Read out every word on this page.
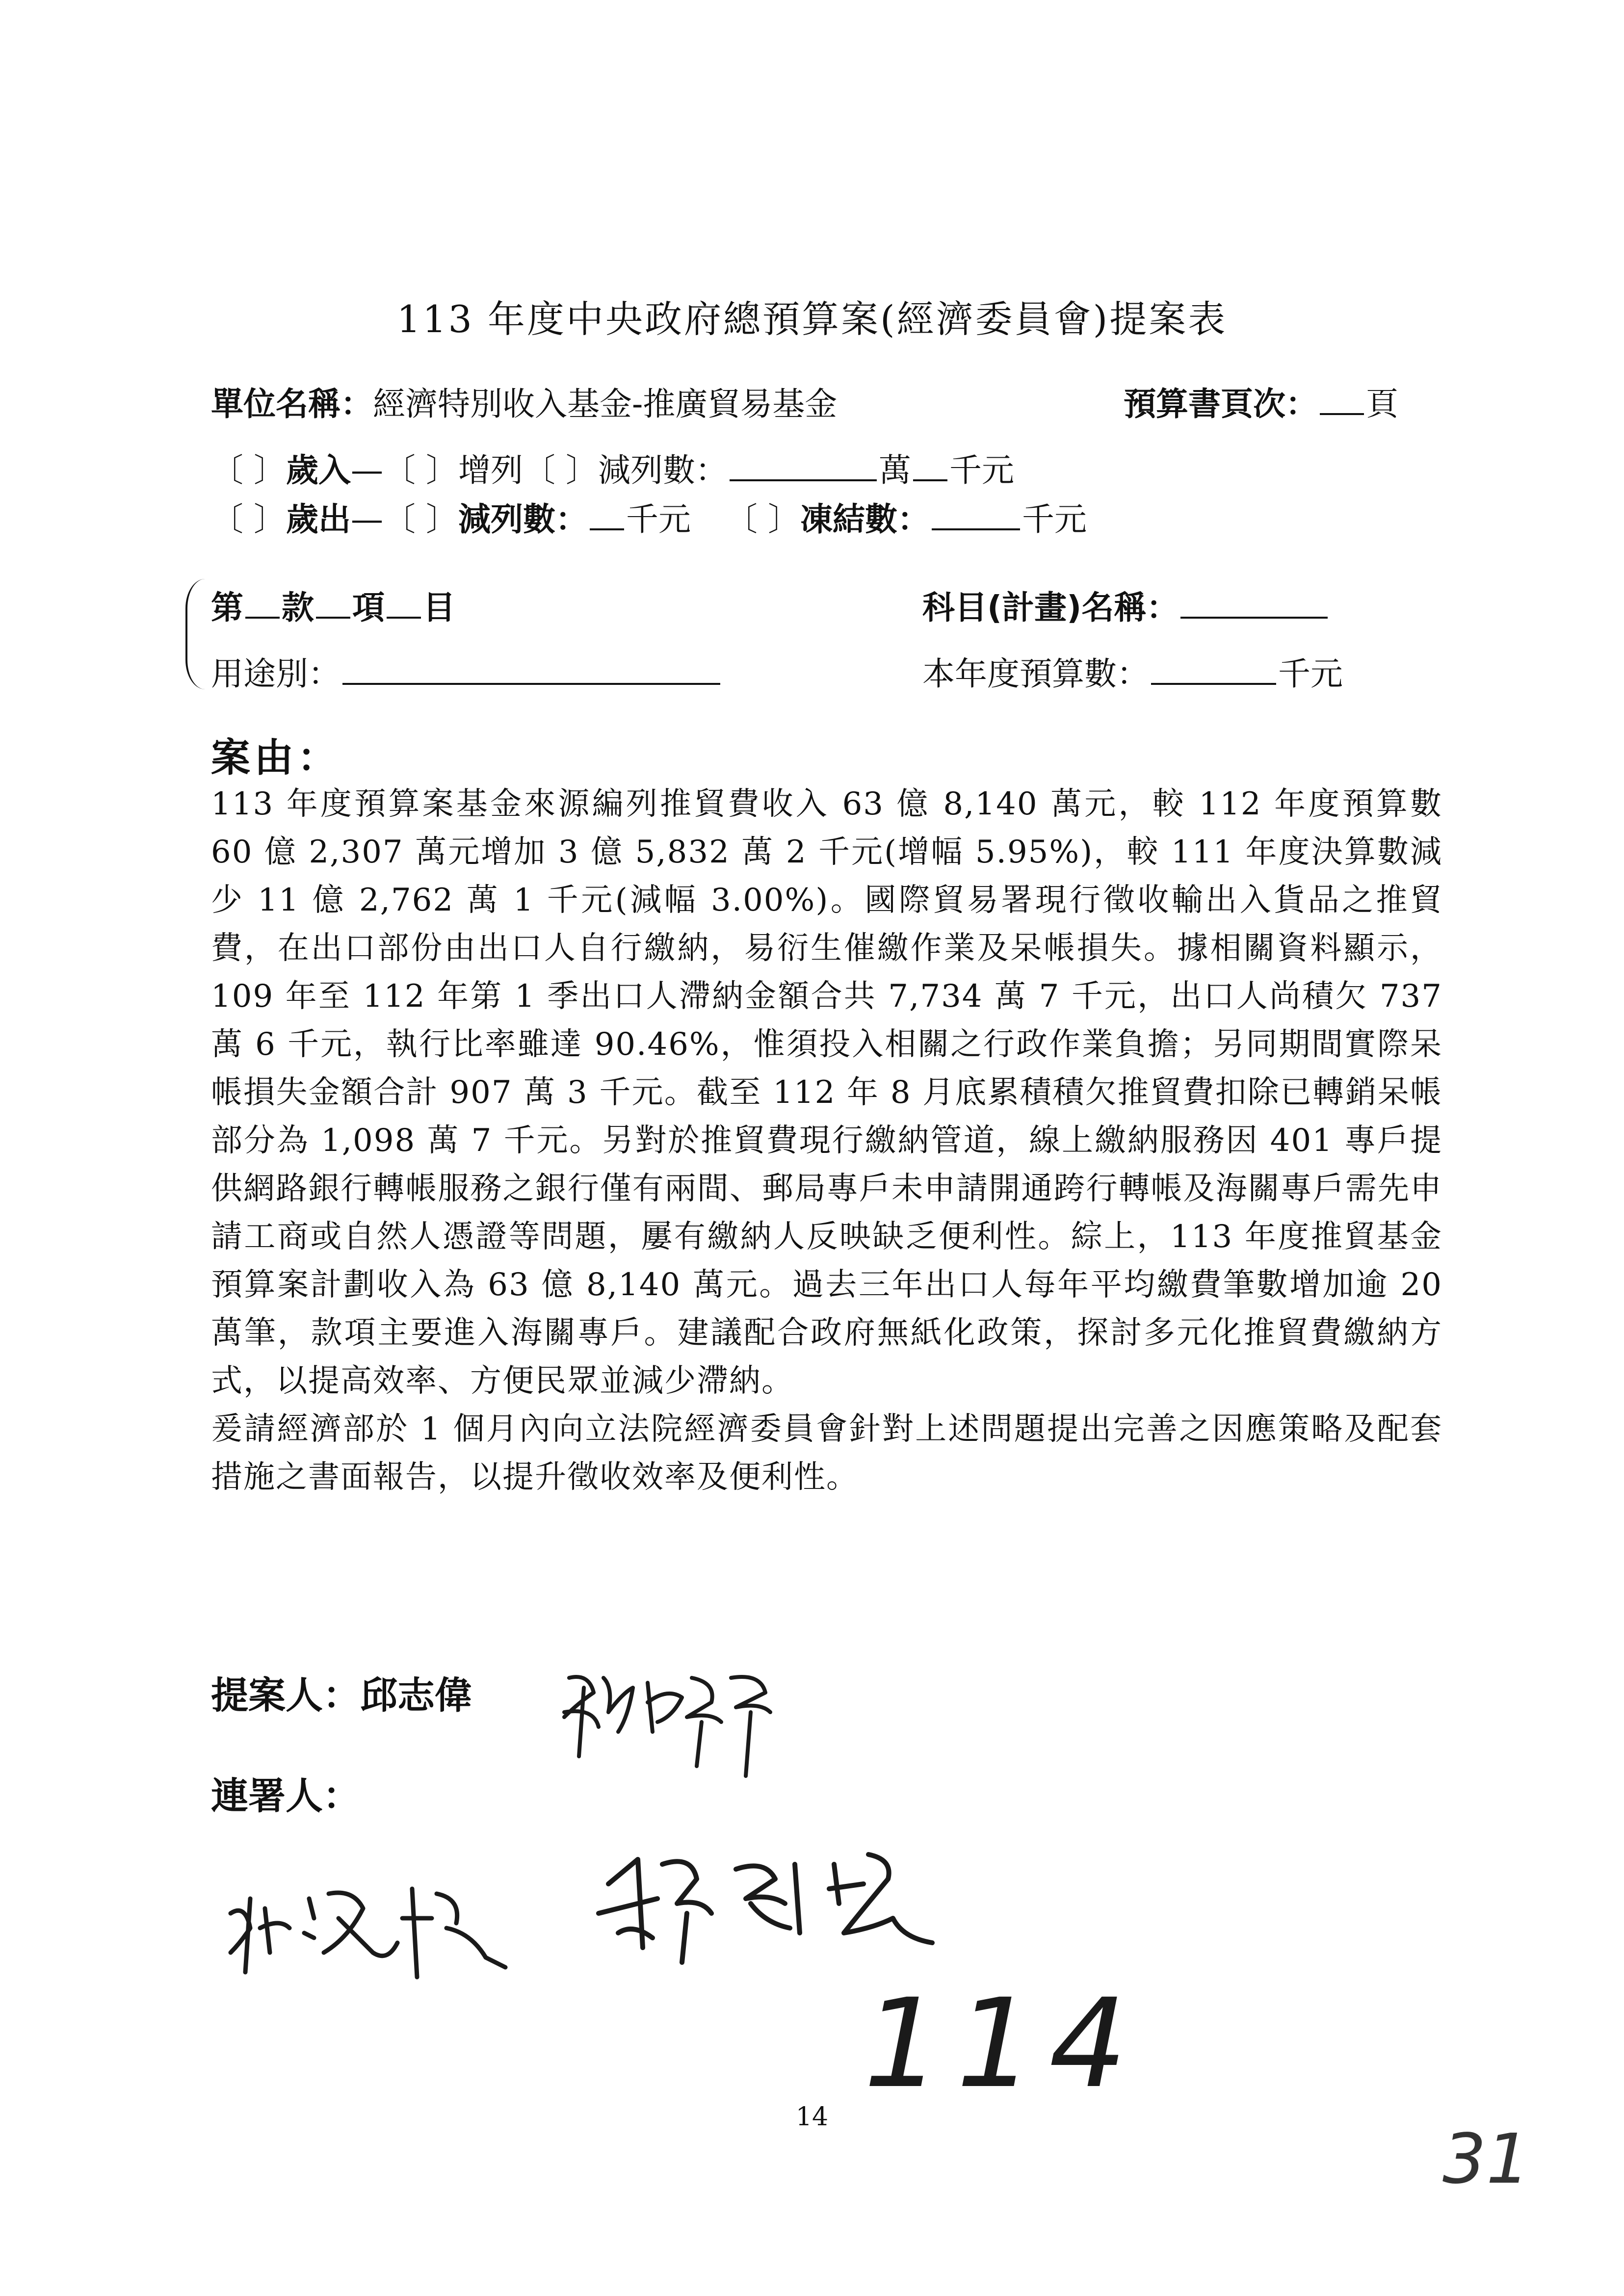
113 年度中央政府總預算案(經濟委員會)提案表
單位名稱：經濟特別收入基金-推廣貿易基金	預算書頁次： 頁
〔 〕歲入—〔 〕增列〔 〕減列數：	萬 千元
〔 〕歲出—〔 〕減列數： 千元 〔 〕凍結數：	千元
第 款 項 目	科目(計畫)名稱：
用途別：	本年度預算數：	千元
案由：

113 年度預算案基金來源編列推貿費收入 63 億 8,140 萬元，較 112 年度預算數 60 億 2,307 萬元增加 3 億 5,832 萬 2 千元(增幅 5.95%)，較 111 年度決算數減少 11 億 2,762 萬 1 千元(減幅 3.00%)。國際貿易署現行徵收輸出入貨品之推貿費，在出口部份由出口人自行繳納，易衍生催繳作業及呆帳損失。據相關資料顯示，109 年至 112 年第 1 季出口人滯納金額合共 7,734 萬 7 千元，出口人尚積欠 737 萬 6 千元，執行比率雖達 90.46%，惟須投入相關之行政作業負擔；另同期間實際呆帳損失金額合計 907 萬 3 千元。截至 112 年 8 月底累積積欠推貿費扣除已轉銷呆帳部分為 1,098 萬 7 千元。另對於推貿費現行繳納管道，線上繳納服務因 401 專戶提供網路銀行轉帳服務之銀行僅有兩間、郵局專戶未申請開通跨行轉帳及海關專戶需先申請工商或自然人憑證等問題，屢有繳納人反映缺乏便利性。綜上，113 年度推貿基金預算案計劃收入為 63 億 8,140 萬元。過去三年出口人每年平均繳費筆數增加逾 20 萬筆，款項主要進入海關專戶。建議配合政府無紙化政策，探討多元化推貿費繳納方式，以提高效率、方便民眾並減少滯納。

爰請經濟部於 1 個月內向立法院經濟委員會針對上述問題提出完善之因應策略及配套措施之書面報告，以提升徵收效率及便利性。

提案人：邱志偉
連署人：
114
14
31
